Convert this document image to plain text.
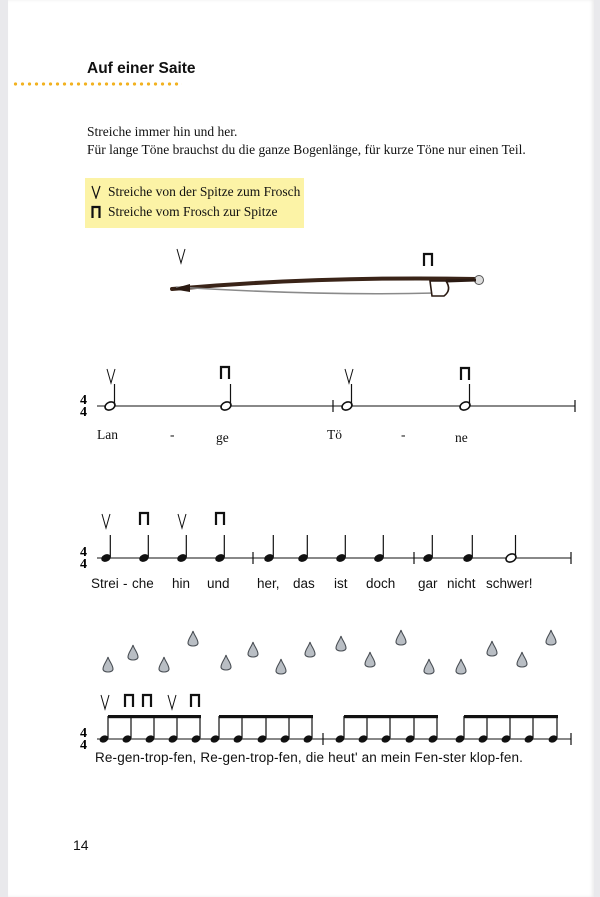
Auf einer Saite
Streiche immer hin und her.
Für lange Töne brauchst du die ganze Bogenlänge, für kurze Töne nur einen Teil.
Streiche von der Spitze zum Frosch
Streiche vom Frosch zur Spitze
4
4
4
4
4
4
Lan	-	ge	Tö	-	ne
Strei - che hin und her, das ist doch gar nicht schwer!
Re-gen-trop-fen, Re-gen-trop-fen, die heut' an mein Fen-ster klop-fen.
14
